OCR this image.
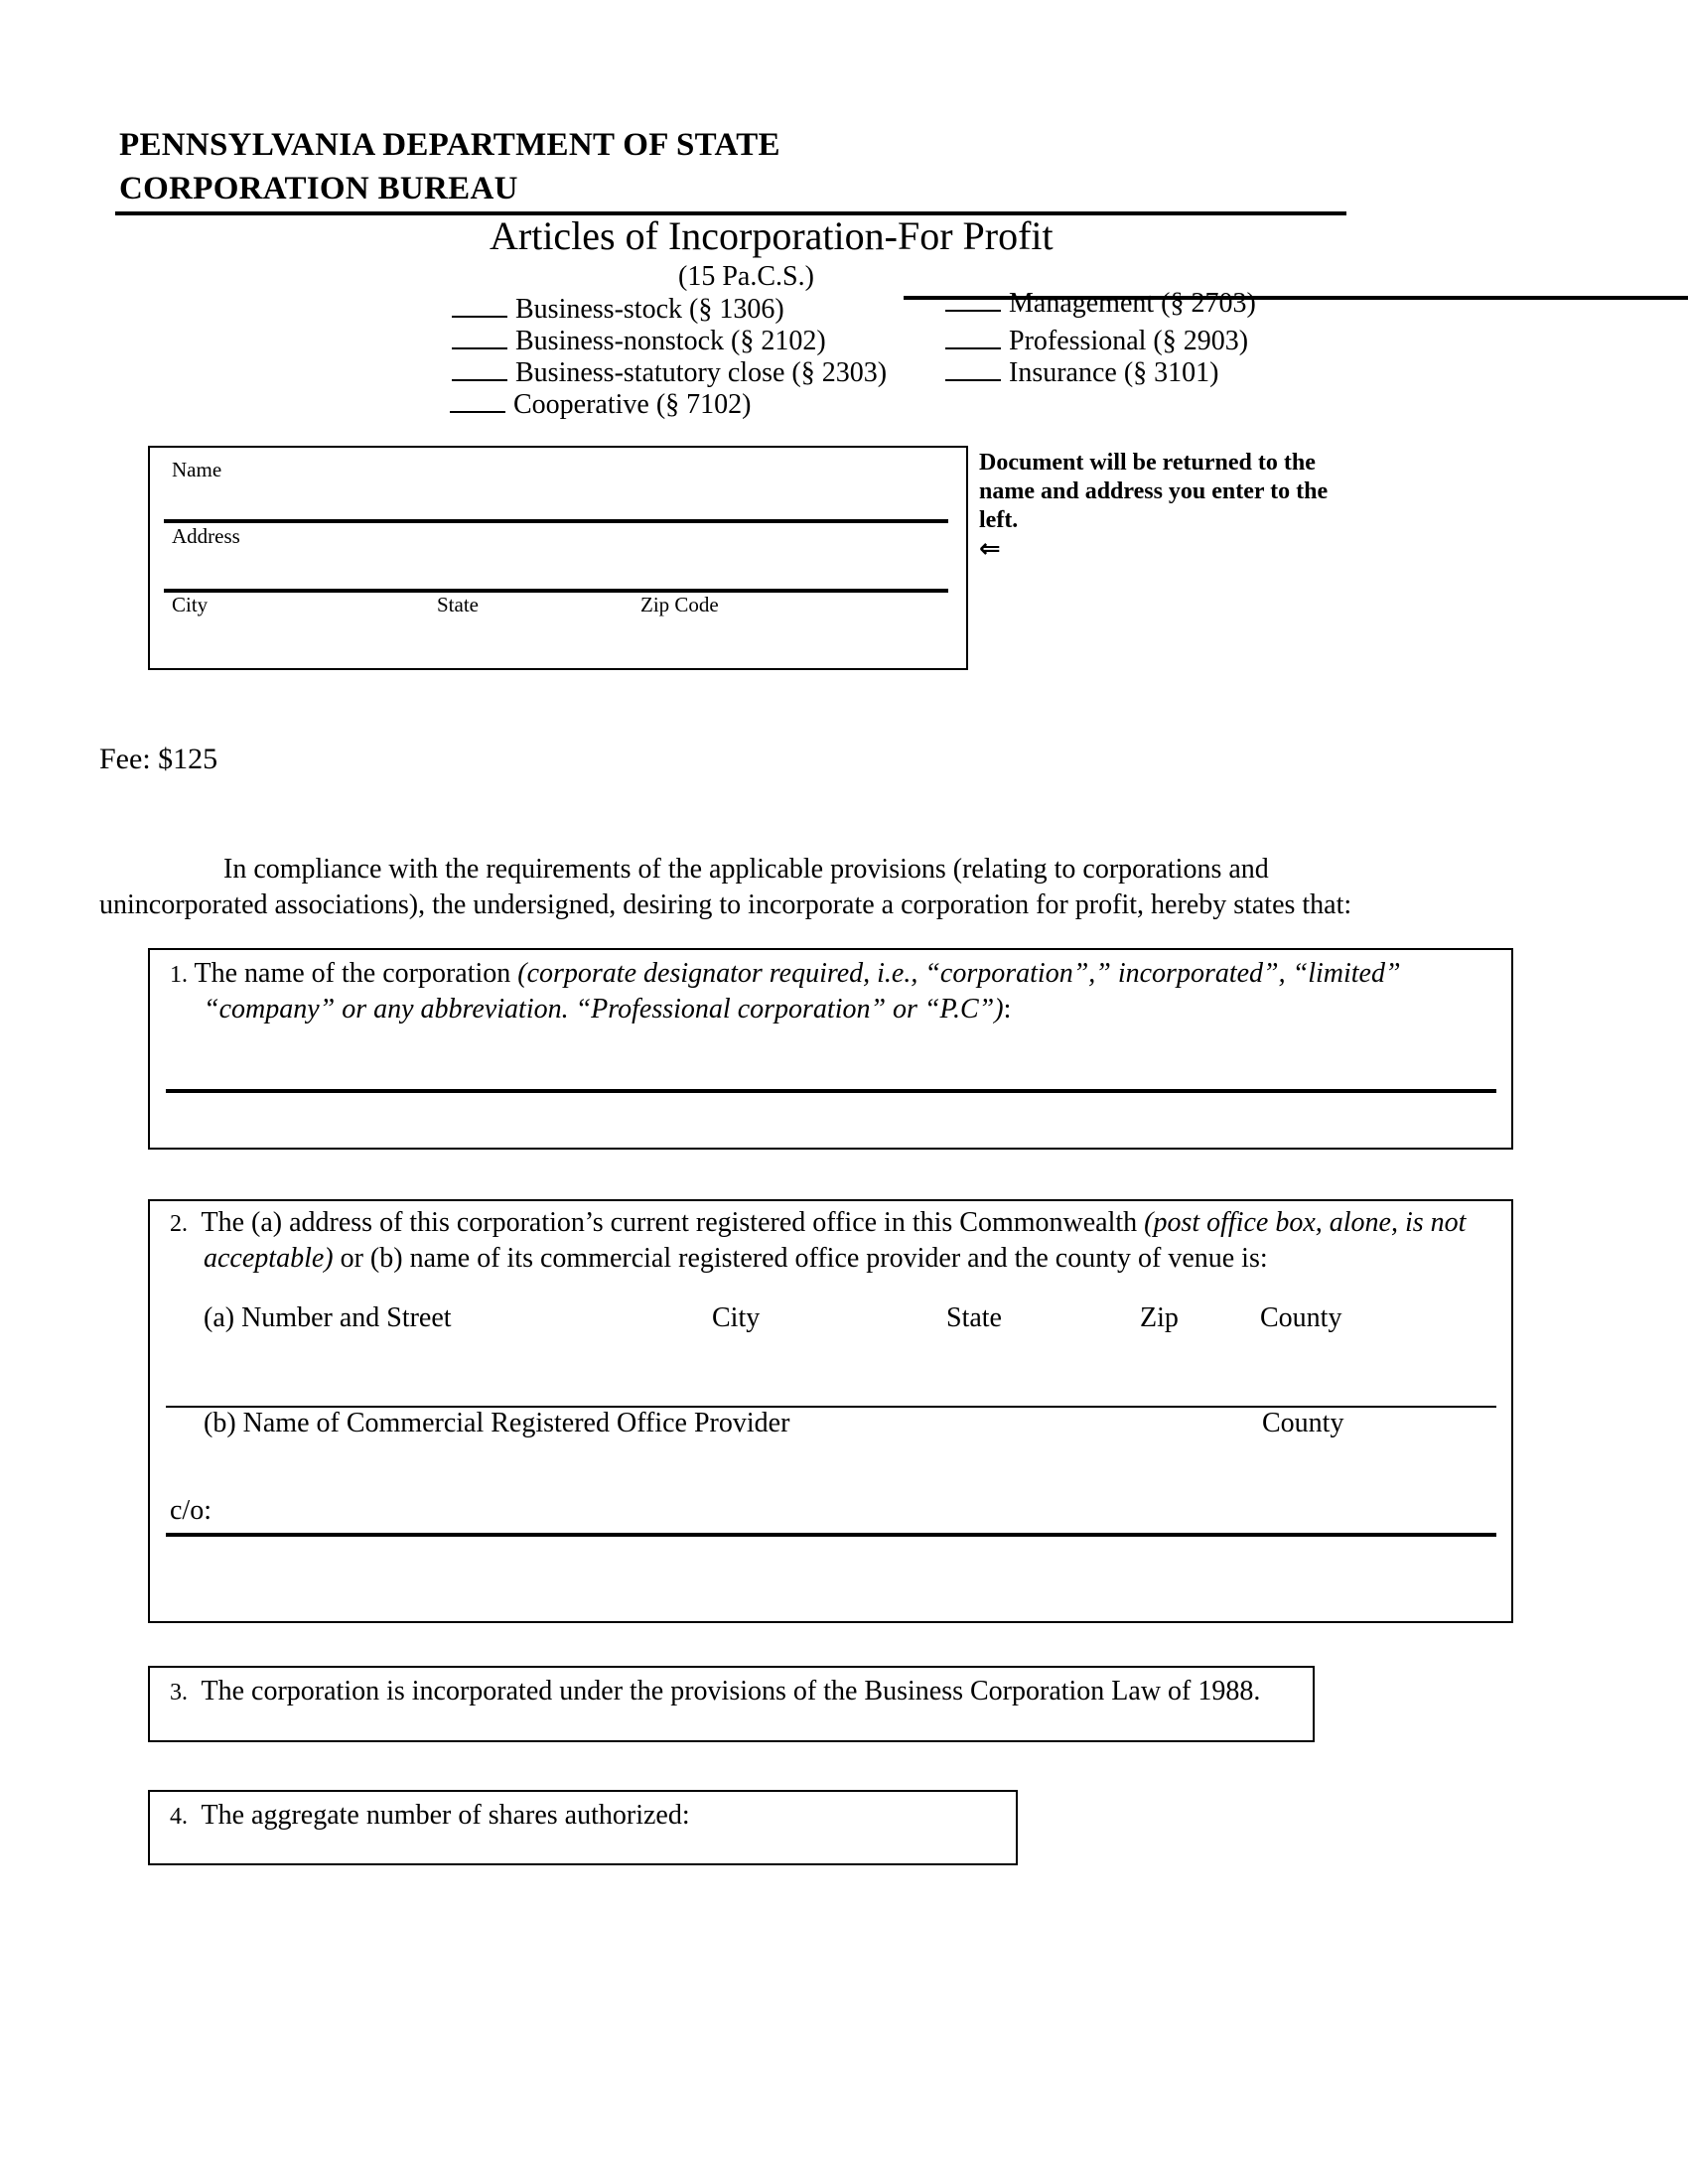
PENNSYLVANIA DEPARTMENT OF STATE
CORPORATION BUREAU
Articles of Incorporation-For Profit
(15 Pa.C.S.)
Business-stock (§ 1306)
Business-nonstock (§ 2102)
Business-statutory close (§ 2303)
Cooperative (§ 7102)
Management (§ 2703)
Professional (§ 2903)
Insurance (§ 3101)
Name
Address
City	State	Zip Code
Document will be returned to the name and address you enter to the left.
⇐
Fee: $125
In compliance with the requirements of the applicable provisions (relating to corporations and
unincorporated associations), the undersigned, desiring to incorporate a corporation for profit, hereby states that:
1. The name of the corporation (corporate designator required, i.e., “corporation”,” incorporated”, “limited”
“company” or any abbreviation. “Professional corporation” or “P.C”):
2. The (a) address of this corporation’s current registered office in this Commonwealth (post office box, alone, is not
acceptable) or (b) name of its commercial registered office provider and the county of venue is:
(a) Number and Street	City	State	Zip	County
(b) Name of Commercial Registered Office Provider	County
c/o:
3. The corporation is incorporated under the provisions of the Business Corporation Law of 1988.
4. The aggregate number of shares authorized:
